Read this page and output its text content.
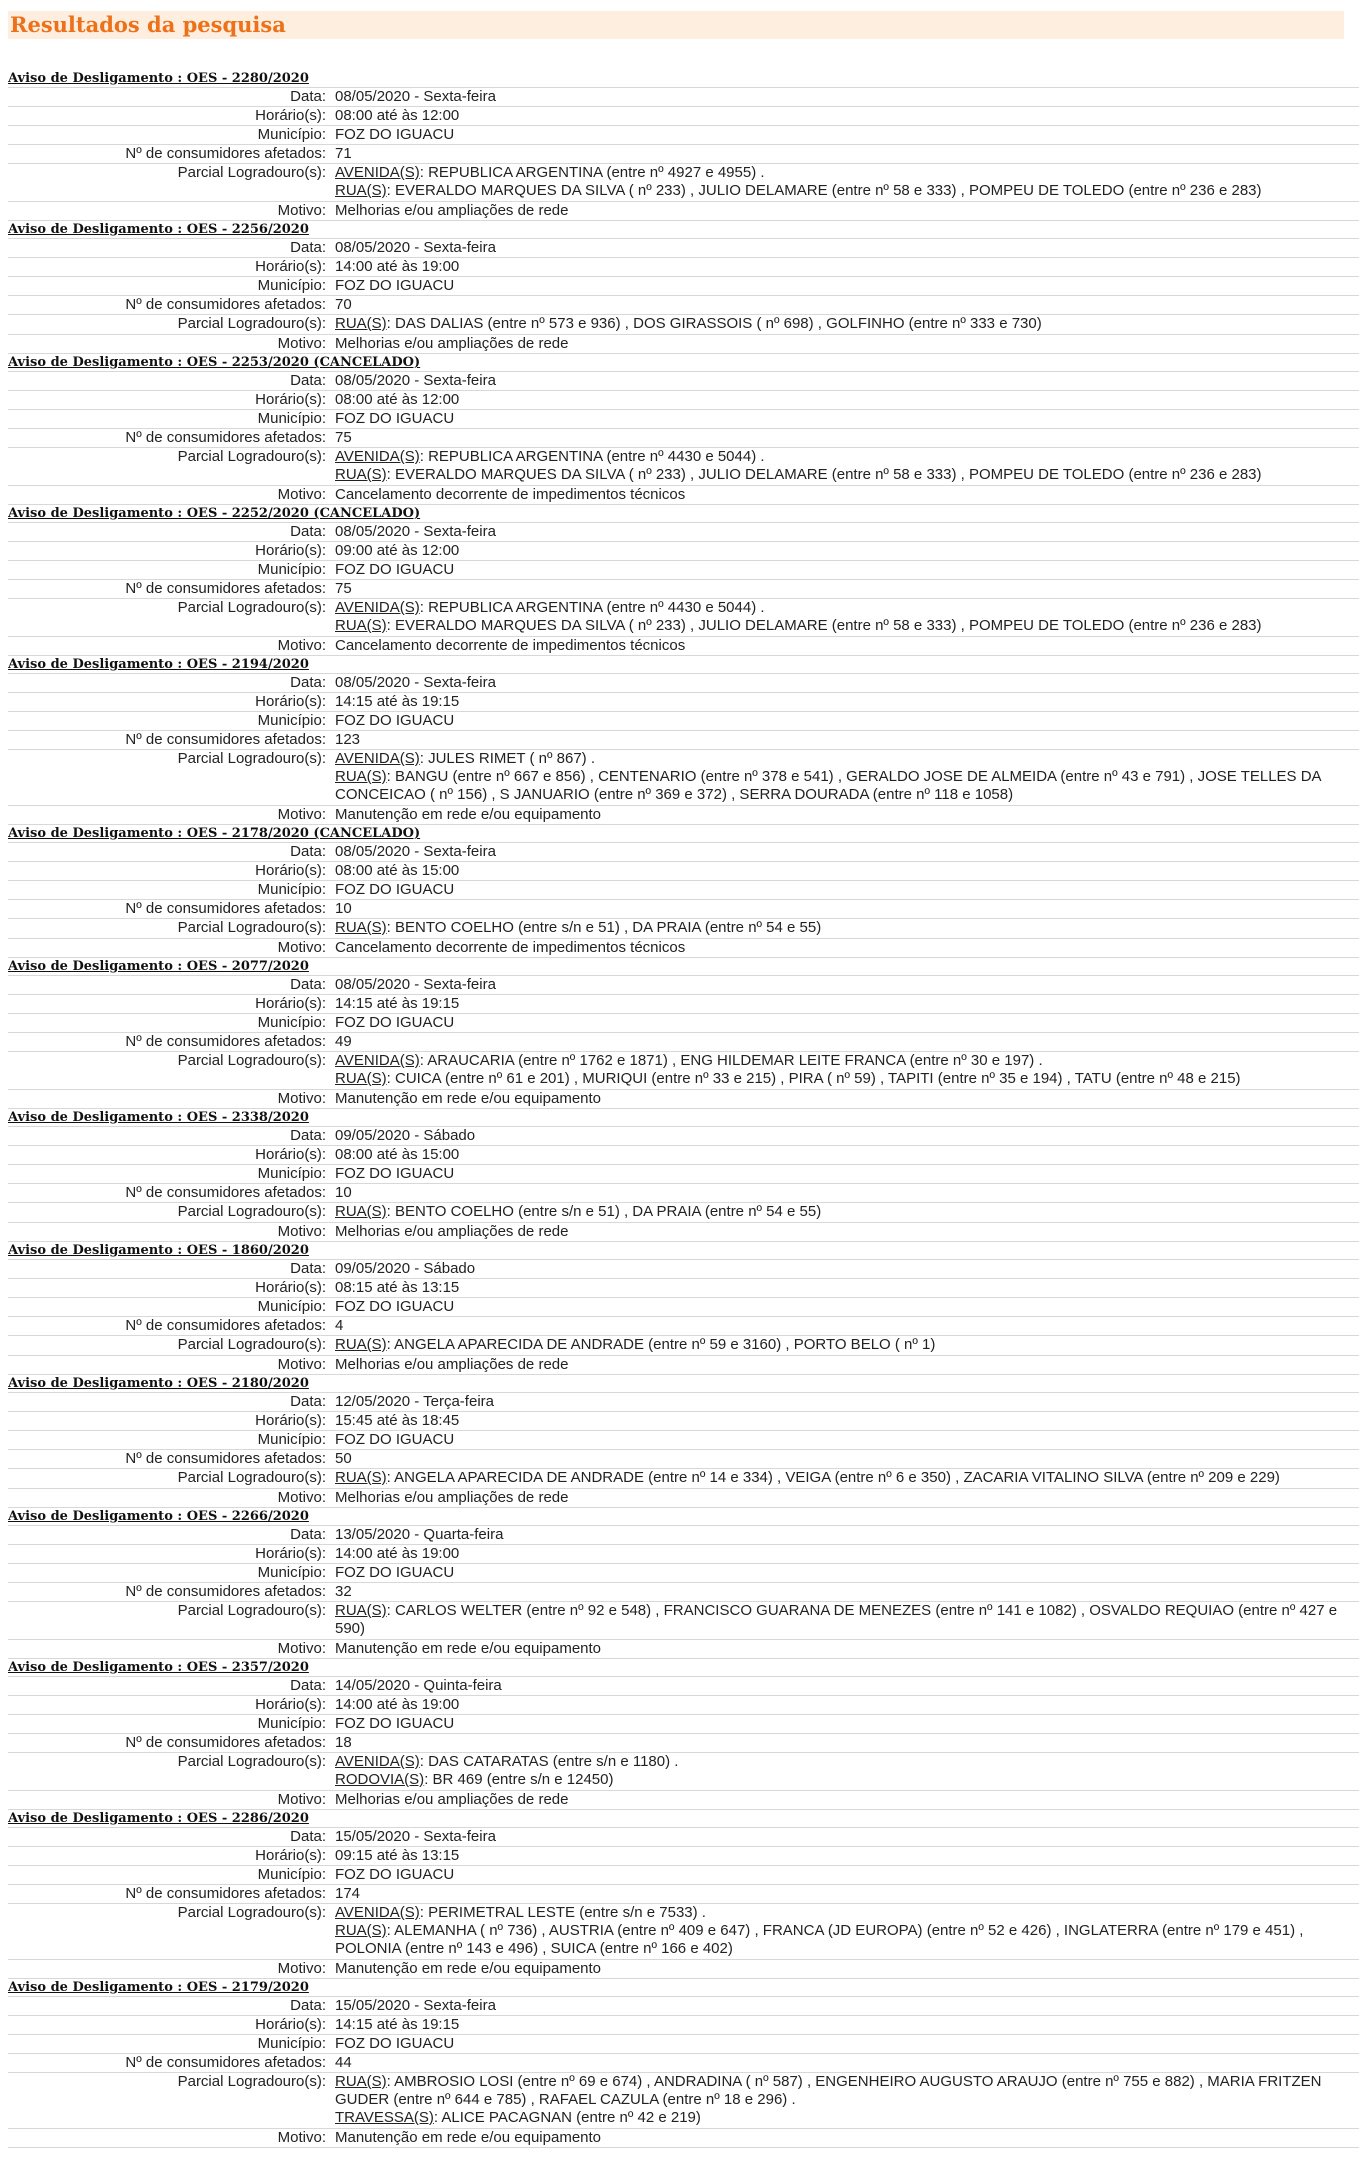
Resultados da pesquisa
Aviso de Desligamento : OES - 2280/2020
Data: 08/05/2020 - Sexta-feira
Horário(s): 08:00 até às 12:00
Município: FOZ DO IGUACU
Nº de consumidores afetados: 71
Parcial Logradouro(s): AVENIDA(S): REPUBLICA ARGENTINA (entre nº 4927 e 4955) .
RUA(S): EVERALDO MARQUES DA SILVA ( nº 233) , JULIO DELAMARE (entre nº 58 e 333) , POMPEU DE TOLEDO (entre nº 236 e 283)
Motivo: Melhorias e/ou ampliações de rede
Aviso de Desligamento : OES - 2256/2020
Data: 08/05/2020 - Sexta-feira
Horário(s): 14:00 até às 19:00
Município: FOZ DO IGUACU
Nº de consumidores afetados: 70
Parcial Logradouro(s): RUA(S): DAS DALIAS (entre nº 573 e 936) , DOS GIRASSOIS ( nº 698) , GOLFINHO (entre nº 333 e 730)
Motivo: Melhorias e/ou ampliações de rede
Aviso de Desligamento : OES - 2253/2020 (CANCELADO)
Data: 08/05/2020 - Sexta-feira
Horário(s): 08:00 até às 12:00
Município: FOZ DO IGUACU
Nº de consumidores afetados: 75
Parcial Logradouro(s): AVENIDA(S): REPUBLICA ARGENTINA (entre nº 4430 e 5044) .
RUA(S): EVERALDO MARQUES DA SILVA ( nº 233) , JULIO DELAMARE (entre nº 58 e 333) , POMPEU DE TOLEDO (entre nº 236 e 283)
Motivo: Cancelamento decorrente de impedimentos técnicos
Aviso de Desligamento : OES - 2252/2020 (CANCELADO)
Data: 08/05/2020 - Sexta-feira
Horário(s): 09:00 até às 12:00
Município: FOZ DO IGUACU
Nº de consumidores afetados: 75
Parcial Logradouro(s): AVENIDA(S): REPUBLICA ARGENTINA (entre nº 4430 e 5044) .
RUA(S): EVERALDO MARQUES DA SILVA ( nº 233) , JULIO DELAMARE (entre nº 58 e 333) , POMPEU DE TOLEDO (entre nº 236 e 283)
Motivo: Cancelamento decorrente de impedimentos técnicos
Aviso de Desligamento : OES - 2194/2020
Data: 08/05/2020 - Sexta-feira
Horário(s): 14:15 até às 19:15
Município: FOZ DO IGUACU
Nº de consumidores afetados: 123
Parcial Logradouro(s): AVENIDA(S): JULES RIMET ( nº 867) .
RUA(S): BANGU (entre nº 667 e 856) , CENTENARIO (entre nº 378 e 541) , GERALDO JOSE DE ALMEIDA (entre nº 43 e 791) , JOSE TELLES DA CONCEICAO ( nº 156) , S JANUARIO (entre nº 369 e 372) , SERRA DOURADA (entre nº 118 e 1058)
Motivo: Manutenção em rede e/ou equipamento
Aviso de Desligamento : OES - 2178/2020 (CANCELADO)
Data: 08/05/2020 - Sexta-feira
Horário(s): 08:00 até às 15:00
Município: FOZ DO IGUACU
Nº de consumidores afetados: 10
Parcial Logradouro(s): RUA(S): BENTO COELHO (entre s/n e 51) , DA PRAIA (entre nº 54 e 55)
Motivo: Cancelamento decorrente de impedimentos técnicos
Aviso de Desligamento : OES - 2077/2020
Data: 08/05/2020 - Sexta-feira
Horário(s): 14:15 até às 19:15
Município: FOZ DO IGUACU
Nº de consumidores afetados: 49
Parcial Logradouro(s): AVENIDA(S): ARAUCARIA (entre nº 1762 e 1871) , ENG HILDEMAR LEITE FRANCA (entre nº 30 e 197) .
RUA(S): CUICA (entre nº 61 e 201) , MURIQUI (entre nº 33 e 215) , PIRA ( nº 59) , TAPITI (entre nº 35 e 194) , TATU (entre nº 48 e 215)
Motivo: Manutenção em rede e/ou equipamento
Aviso de Desligamento : OES - 2338/2020
Data: 09/05/2020 - Sábado
Horário(s): 08:00 até às 15:00
Município: FOZ DO IGUACU
Nº de consumidores afetados: 10
Parcial Logradouro(s): RUA(S): BENTO COELHO (entre s/n e 51) , DA PRAIA (entre nº 54 e 55)
Motivo: Melhorias e/ou ampliações de rede
Aviso de Desligamento : OES - 1860/2020
Data: 09/05/2020 - Sábado
Horário(s): 08:15 até às 13:15
Município: FOZ DO IGUACU
Nº de consumidores afetados: 4
Parcial Logradouro(s): RUA(S): ANGELA APARECIDA DE ANDRADE (entre nº 59 e 3160) , PORTO BELO ( nº 1)
Motivo: Melhorias e/ou ampliações de rede
Aviso de Desligamento : OES - 2180/2020
Data: 12/05/2020 - Terça-feira
Horário(s): 15:45 até às 18:45
Município: FOZ DO IGUACU
Nº de consumidores afetados: 50
Parcial Logradouro(s): RUA(S): ANGELA APARECIDA DE ANDRADE (entre nº 14 e 334) , VEIGA (entre nº 6 e 350) , ZACARIA VITALINO SILVA (entre nº 209 e 229)
Motivo: Melhorias e/ou ampliações de rede
Aviso de Desligamento : OES - 2266/2020
Data: 13/05/2020 - Quarta-feira
Horário(s): 14:00 até às 19:00
Município: FOZ DO IGUACU
Nº de consumidores afetados: 32
Parcial Logradouro(s): RUA(S): CARLOS WELTER (entre nº 92 e 548) , FRANCISCO GUARANA DE MENEZES (entre nº 141 e 1082) , OSVALDO REQUIAO (entre nº 427 e 590)
Motivo: Manutenção em rede e/ou equipamento
Aviso de Desligamento : OES - 2357/2020
Data: 14/05/2020 - Quinta-feira
Horário(s): 14:00 até às 19:00
Município: FOZ DO IGUACU
Nº de consumidores afetados: 18
Parcial Logradouro(s): AVENIDA(S): DAS CATARATAS (entre s/n e 1180) .
RODOVIA(S): BR 469 (entre s/n e 12450)
Motivo: Melhorias e/ou ampliações de rede
Aviso de Desligamento : OES - 2286/2020
Data: 15/05/2020 - Sexta-feira
Horário(s): 09:15 até às 13:15
Município: FOZ DO IGUACU
Nº de consumidores afetados: 174
Parcial Logradouro(s): AVENIDA(S): PERIMETRAL LESTE (entre s/n e 7533) .
RUA(S): ALEMANHA ( nº 736) , AUSTRIA (entre nº 409 e 647) , FRANCA (JD EUROPA) (entre nº 52 e 426) , INGLATERRA (entre nº 179 e 451) , POLONIA (entre nº 143 e 496) , SUICA (entre nº 166 e 402)
Motivo: Manutenção em rede e/ou equipamento
Aviso de Desligamento : OES - 2179/2020
Data: 15/05/2020 - Sexta-feira
Horário(s): 14:15 até às 19:15
Município: FOZ DO IGUACU
Nº de consumidores afetados: 44
Parcial Logradouro(s): RUA(S): AMBROSIO LOSI (entre nº 69 e 674) , ANDRADINA ( nº 587) , ENGENHEIRO AUGUSTO ARAUJO (entre nº 755 e 882) , MARIA FRITZEN GUDER (entre nº 644 e 785) , RAFAEL CAZULA (entre nº 18 e 296) .
TRAVESSA(S): ALICE PACAGNAN (entre nº 42 e 219)
Motivo: Manutenção em rede e/ou equipamento
